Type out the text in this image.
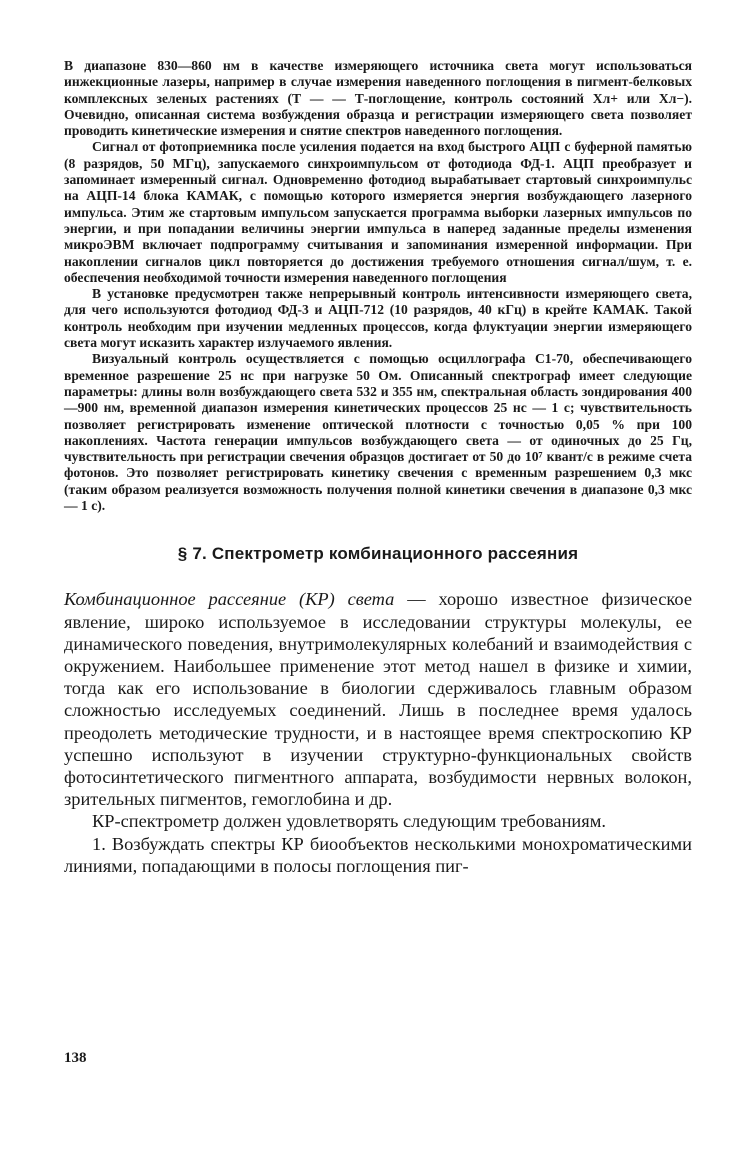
В диапазоне 830—860 нм в качестве измеряющего источника света могут использоваться инжекционные лазеры, например в случае измерения наведенного поглощения в пигмент-белковых комплексных зеленых растениях (Т — — Т-поглощение, контроль состояний Хл+ или Хл−). Очевидно, описанная система возбуждения образца и регистрации измеряющего света позволяет проводить кинетические измерения и снятие спектров наведенного поглощения.

Сигнал от фотоприемника после усиления подается на вход быстрого АЦП с буферной памятью (8 разрядов, 50 МГц), запускаемого синхроимпульсом от фотодиода ФД-1. АЦП преобразует и запоминает измеренный сигнал. Одновременно фотодиод вырабатывает стартовый синхроимпульс на АЦП-14 блока КАМАК, с помощью которого измеряется энергия возбуждающего лазерного импульса. Этим же стартовым импульсом запускается программа выборки лазерных импульсов по энергии, и при попадании величины энергии импульса в наперед заданные пределы изменения микроЭВМ включает подпрограмму считывания и запоминания измеренной информации. При накоплении сигналов цикл повторяется до достижения требуемого отношения сигнал/шум, т. е. обеспечения необходимой точности измерения наведенного поглощения

В установке предусмотрен также непрерывный контроль интенсивности измеряющего света, для чего используются фотодиод ФД-3 и АЦП-712 (10 разрядов, 40 кГц) в крейте КАМАК. Такой контроль необходим при изучении медленных процессов, когда флуктуации энергии измеряющего света могут исказить характер излучаемого явления.

Визуальный контроль осуществляется с помощью осциллографа С1-70, обеспечивающего временное разрешение 25 нс при нагрузке 50 Ом. Описанный спектрограф имеет следующие параметры: длины волн возбуждающего света 532 и 355 нм, спектральная область зондирования 400—900 нм, временной диапазон измерения кинетических процессов 25 нс — 1 с; чувствительность позволяет регистрировать изменение оптической плотности с точностью 0,05 % при 100 накоплениях. Частота генерации импульсов возбуждающего света — от одиночных до 25 Гц, чувствительность при регистрации свечения образцов достигает от 50 до 10⁷ квант/с в режиме счета фотонов. Это позволяет регистрировать кинетику свечения с временным разрешением 0,3 мкс (таким образом реализуется возможность получения полной кинетики свечения в диапазоне 0,3 мкс — 1 с).

§ 7. Спектрометр комбинационного рассеяния

Комбинационное рассеяние (КР) света — хорошо известное физическое явление, широко используемое в исследовании структуры молекулы, ее динамического поведения, внутримолекулярных колебаний и взаимодействия с окружением. Наибольшее применение этот метод нашел в физике и химии, тогда как его использование в биологии сдерживалось главным образом сложностью исследуемых соединений. Лишь в последнее время удалось преодолеть методические трудности, и в настоящее время спектроскопию КР успешно используют в изучении структурно-функциональных свойств фотосинтетического пигментного аппарата, возбудимости нервных волокон, зрительных пигментов, гемоглобина и др.

КР-спектрометр должен удовлетворять следующим требованиям.

1. Возбуждать спектры КР биообъектов несколькими монохроматическими линиями, попадающими в полосы поглощения пиг-

138
